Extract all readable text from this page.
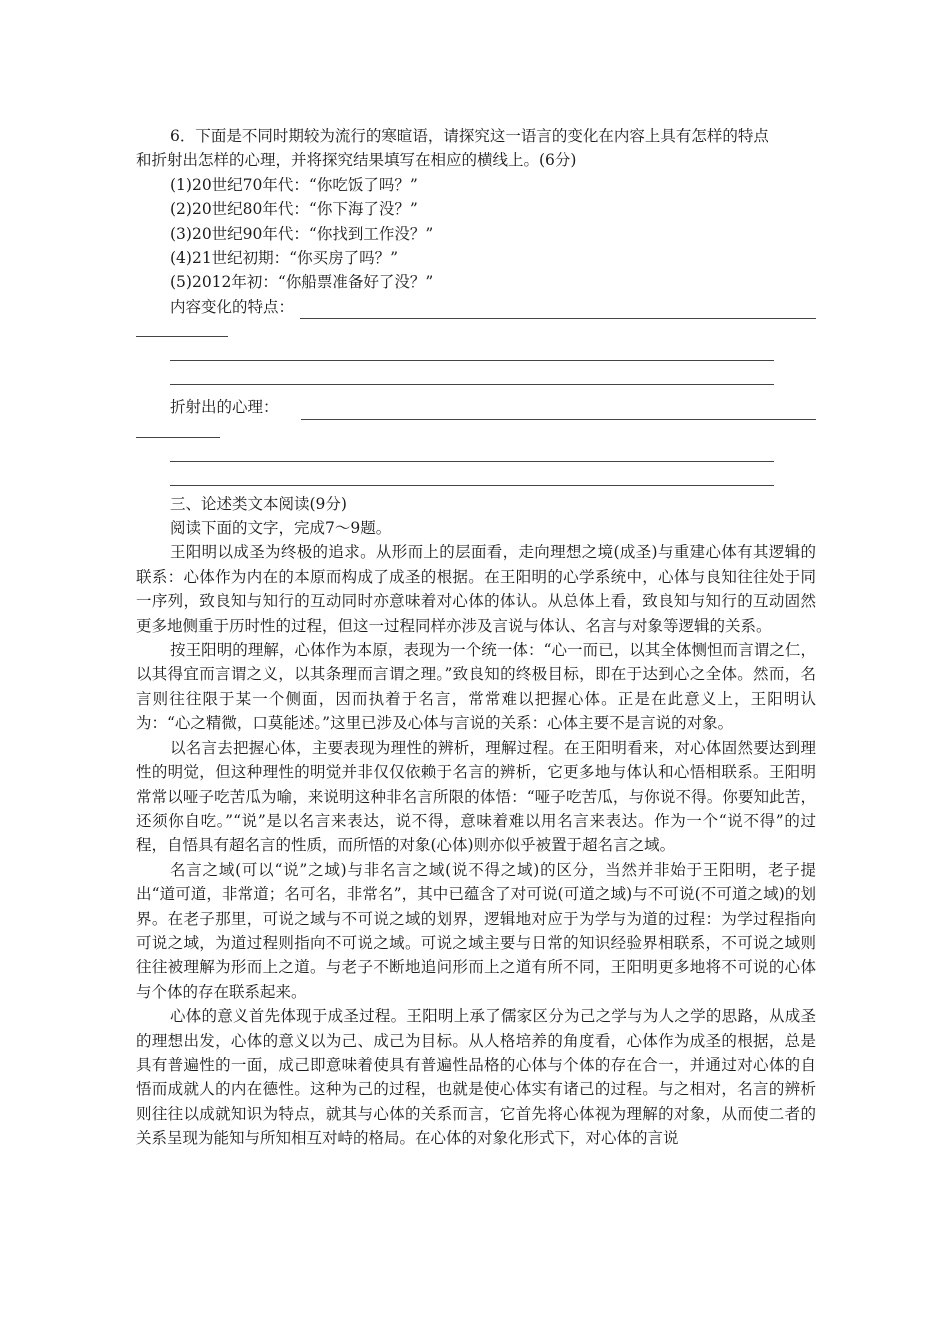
6．下面是不同时期较为流行的寒暄语，请探究这一语言的变化在内容上具有怎样的特点
和折射出怎样的心理，并将探究结果填写在相应的横线上。(6分)
(1)20世纪70年代：“你吃饭了吗？”
(2)20世纪80年代：“你下海了没？”
(3)20世纪90年代：“你找到工作没？”
(4)21世纪初期：“你买房了吗？”
(5)2012年初：“你船票准备好了没？”
内容变化的特点：
折射出的心理：
三、论述类文本阅读(9分)
阅读下面的文字，完成7～9题。

王阳明以成圣为终极的追求。从形而上的层面看，走向理想之境(成圣)与重建心体有其逻辑的联系：心体作为内在的本原而构成了成圣的根据。在王阳明的心学系统中，心体与良知往往处于同一序列，致良知与知行的互动同时亦意味着对心体的体认。从总体上看，致良知与知行的互动固然更多地侧重于历时性的过程，但这一过程同样亦涉及言说与体认、名言与对象等逻辑的关系。

按王阳明的理解，心体作为本原，表现为一个统一体：“心一而已，以其全体恻怛而言谓之仁，以其得宜而言谓之义，以其条理而言谓之理。”致良知的终极目标，即在于达到心之全体。然而，名言则往往限于某一个侧面，因而执着于名言，常常难以把握心体。正是在此意义上，王阳明认为：“心之精微，口莫能述。”这里已涉及心体与言说的关系：心体主要不是言说的对象。

以名言去把握心体，主要表现为理性的辨析，理解过程。在王阳明看来，对心体固然要达到理性的明觉，但这种理性的明觉并非仅仅依赖于名言的辨析，它更多地与体认和心悟相联系。王阳明常常以哑子吃苦瓜为喻，来说明这种非名言所限的体悟：“哑子吃苦瓜，与你说不得。你要知此苦，还须你自吃。”“说”是以名言来表达，说不得，意味着难以用名言来表达。作为一个“说不得”的过程，自悟具有超名言的性质，而所悟的对象(心体)则亦似乎被置于超名言之域。

名言之域(可以“说”之域)与非名言之域(说不得之域)的区分，当然并非始于王阳明，老子提出“道可道，非常道；名可名，非常名”，其中已蕴含了对可说(可道之域)与不可说(不可道之域)的划界。在老子那里，可说之域与不可说之域的划界，逻辑地对应于为学与为道的过程：为学过程指向可说之域，为道过程则指向不可说之域。可说之域主要与日常的知识经验界相联系，不可说之域则往往被理解为形而上之道。与老子不断地追问形而上之道有所不同，王阳明更多地将不可说的心体与个体的存在联系起来。

心体的意义首先体现于成圣过程。王阳明上承了儒家区分为己之学与为人之学的思路，从成圣的理想出发，心体的意义以为己、成己为目标。从人格培养的角度看，心体作为成圣的根据，总是具有普遍性的一面，成己即意味着使具有普遍性品格的心体与个体的存在合一，并通过对心体的自悟而成就人的内在德性。这种为己的过程，也就是使心体实有诸己的过程。与之相对，名言的辨析则往往以成就知识为特点，就其与心体的关系而言，它首先将心体视为理解的对象，从而使二者的关系呈现为能知与所知相互对峙的格局。在心体的对象化形式下，对心体的言说
